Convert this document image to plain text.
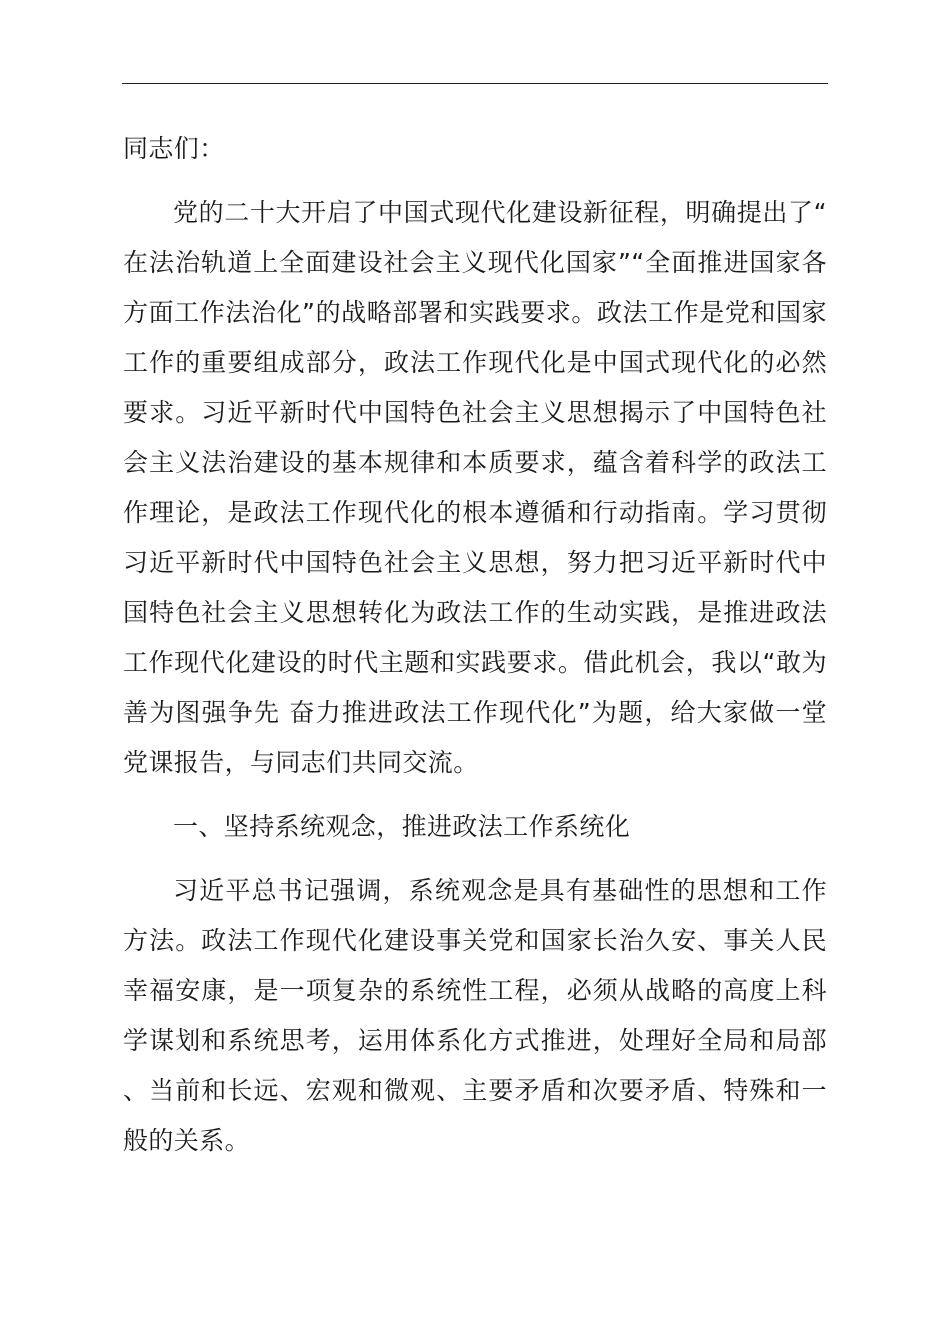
同志们：

党的二十大开启了中国式现代化建设新征程，明确提出了“在法治轨道上全面建设社会主义现代化国家”“全面推进国家各方面工作法治化”的战略部署和实践要求。政法工作是党和国家工作的重要组成部分，政法工作现代化是中国式现代化的必然要求。习近平新时代中国特色社会主义思想揭示了中国特色社会主义法治建设的基本规律和本质要求，蕴含着科学的政法工作理论，是政法工作现代化的根本遵循和行动指南。学习贯彻习近平新时代中国特色社会主义思想，努力把习近平新时代中国特色社会主义思想转化为政法工作的生动实践，是推进政法工作现代化建设的时代主题和实践要求。借此机会，我以“敢为善为图强争先 奋力推进政法工作现代化”为题，给大家做一堂党课报告，与同志们共同交流。

一、坚持系统观念，推进政法工作系统化

习近平总书记强调，系统观念是具有基础性的思想和工作方法。政法工作现代化建设事关党和国家长治久安、事关人民幸福安康，是一项复杂的系统性工程，必须从战略的高度上科学谋划和系统思考，运用体系化方式推进，处理好全局和局部、当前和长远、宏观和微观、主要矛盾和次要矛盾、特殊和一般的关系。
